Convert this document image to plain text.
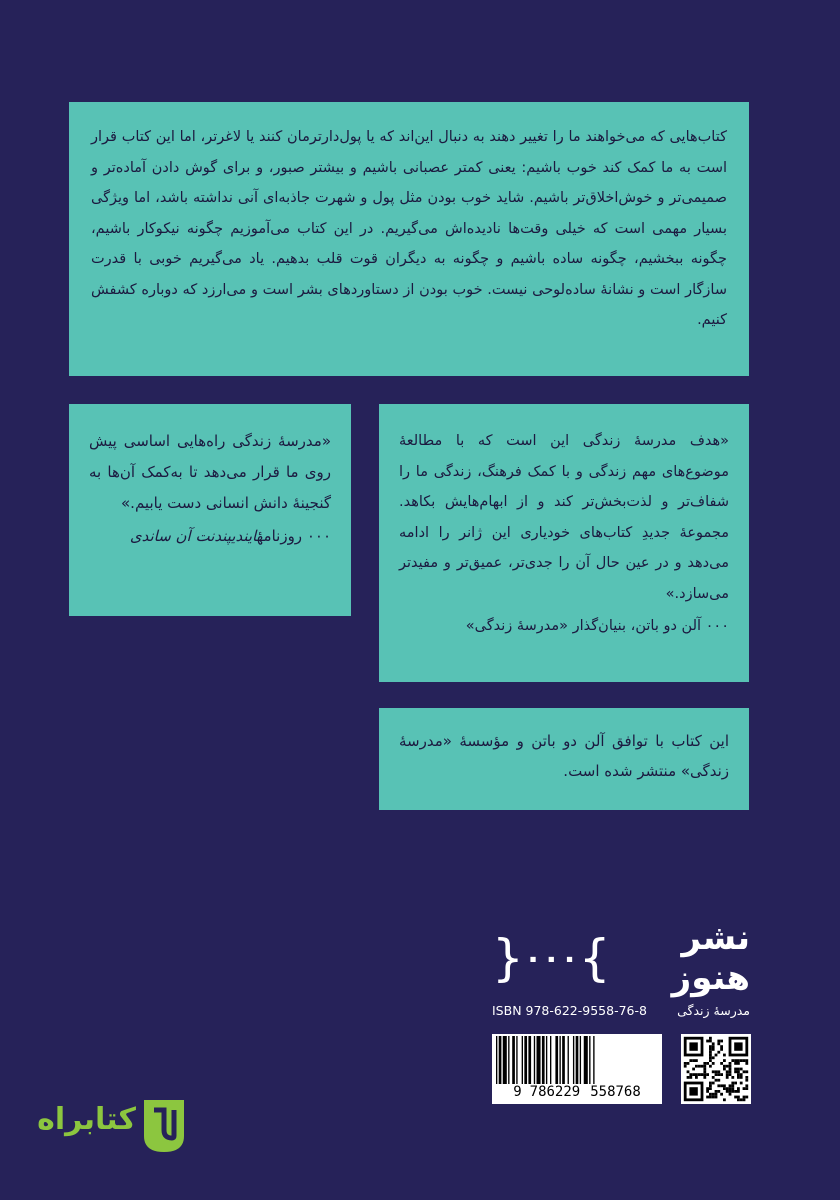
کتاب‌هایی که می‌خواهند ما را تغییر دهند به دنبال این‌اند که یا پول‌دارترمان کنند یا لاغرتر، اما این کتاب قرار است به ما کمک کند خوب باشیم: یعنی کمتر عصبانی باشیم و بیشتر صبور، و برای گوش دادن آماده‌تر و صمیمی‌تر و خوش‌اخلاق‌تر باشیم. شاید خوب بودن مثل پول و شهرت جاذبه‌ای آنی نداشته باشد، اما ویژگی بسیار مهمی است که خیلی وقت‌ها نادیده‌اش می‌گیریم. در این کتاب می‌آموزیم چگونه نیکوکار باشیم، چگونه ببخشیم، چگونه ساده باشیم و چگونه به دیگران قوت قلب بدهیم. یاد می‌گیریم خوبی با قدرت سازگار است و نشانهٔ ساده‌لوحی نیست. خوب بودن از دستاوردهای بشر است و می‌ارزد که دوباره کشفش کنیم.
«مدرسهٔ زندگی راه‌هایی اساسی پیش روی ما قرار می‌دهد تا به‌کمک آن‌ها به گنجینهٔ دانش انسانی دست یابیم.»
۰۰۰ روزنامهٔایندیپندنت آن ساندی
«هدف مدرسهٔ زندگی این است که با مطالعهٔ موضوع‌های مهم زندگی و با کمک فرهنگ، زندگی ما را شفاف‌تر و لذت‌بخش‌تر کند و از ابهام‌هایش بکاهد. مجموعهٔ جدیدِ کتاب‌های خودیاری این ژانر را ادامه می‌دهد و در عین حال آن را جدی‌تر، عمیق‌تر و مفیدتر می‌سازد.»
۰۰۰ آلن دو باتن، بنیان‌گذار «مدرسهٔ زندگی»
این کتاب با توافق آلن دو باتن و مؤسسهٔ «مدرسهٔ زندگی» منتشر شده است.
نشر هنوز
{
۰۰۰
}
ISBN 978-622-9558-76-8 مدرسهٔ زندگی
9 786229 558768
کتابراه
